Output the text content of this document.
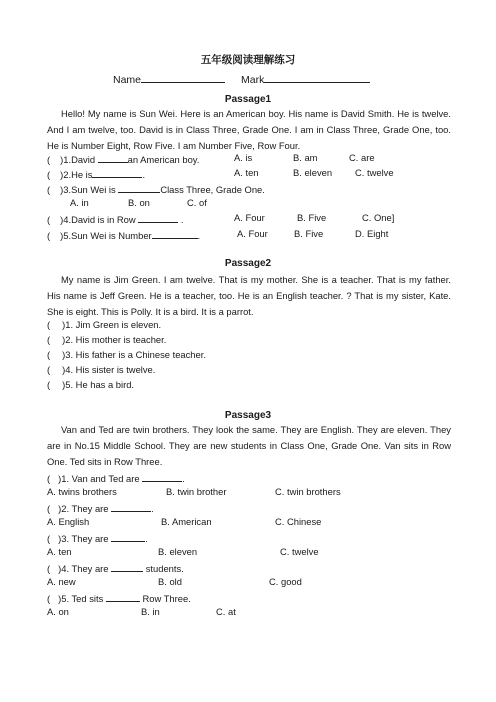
五年级阅读理解练习
Name	Mark
Passage1
Hello! My name is Sun Wei. Here is an American boy. His name is David Smith. He is twelve. And I am twelve, too. David is in Class Three, Grade One. I am in Class Three, Grade One, too. He is Number Eight, Row Five. I am Number Five, Row Four.
( )1.David	an American boy.	A. is	B. am	C. are
( )2.He is	.	A. ten	B. eleven C. twelve
( )3.Sun Wei is	Class Three, Grade One.
A. in	B. on	C. of
( )4.David is in Row	.	A. Four	B. Five	C. One]
( )5.Sun Wei is Number	.	A. Four	B. Five	D. Eight
Passage2
My name is Jim Green. I am twelve. That is my mother. She is a teacher. That is my father. His name is Jeff Green. He is a teacher, too. He is an English teacher. ? That is my sister, Kate. She is eight. This is Polly. It is a bird. It is a parrot.
( )1. Jim Green is eleven.
( )2. His mother is teacher.
( )3. His father is a Chinese teacher.
( )4. His sister is twelve.
( )5. He has a bird.
Passage3
Van and Ted are twin brothers. They look the same. They are English. They are eleven. They are in No.15 Middle School. They are new students in Class One, Grade One. Van sits in Row One. Ted sits in Row Three.
( )1. Van and Ted are	.
A. twins brothers	B. twin brother	C. twin brothers
( )2. They are	.
A. English	B. American	C. Chinese
( )3. They are	.
A. ten	B. eleven	C. twelve
( )4. They are	students.
A. new	B. old	C. good
( )5. Ted sits	Row Three.
A. on	B. in	C. at
